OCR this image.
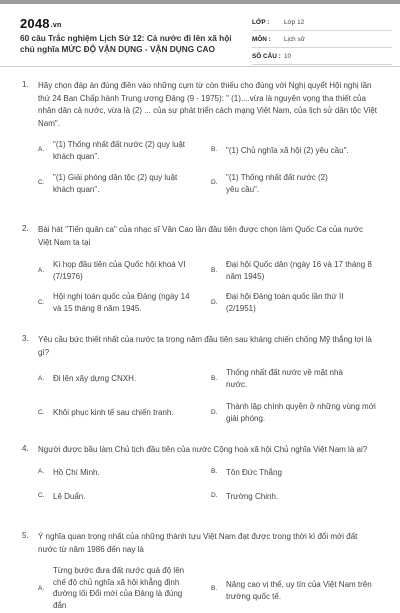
2048.vn
60 câu Trắc nghiệm Lịch Sử 12: Cả nước đi lên xã hội chủ nghĩa MỨC ĐỘ VẬN DỤNG - VẬN DỤNG CAO
LỚP : Lớp 12
MÔN : Lịch sử
SỐ CÂU : 10
1. Hãy chọn đáp án đúng điền vào những cụm từ còn thiếu cho đúng với Nghị quyết Hội nghị lần thứ 24 Ban Chấp hành Trung ương Đảng (9 - 1975): " (1)....vừa là nguyện vọng tha thiết của nhân dân cả nước, vừa là (2) ... của sự phát triển cách mạng Việt Nam, của lịch sử dân tộc Việt Nam".
A.
"(1) Thống nhất đất nước (2) quy luật khách quan".
B. "(1) Chủ nghĩa xã hội (2) yêu cầu".
C.
"(1) Giải phóng dân tộc (2) quy luật khách quan".
D.
"(1) Thống nhất đất nước (2) yêu cầu".
2. Bài hát "Tiến quân ca" của nhạc sĩ Văn Cao lần đầu tiên được chọn làm Quốc Ca của nước Việt Nam ta tại
A.
Kì họp đầu tiên của Quốc hội khoá VI (7/1976)
B.
Đại hội Quốc dân (ngày 16 và 17 tháng 8 năm 1945)
C.
Hội nghị toàn quốc của Đảng (ngày 14 và 15 tháng 8 năm 1945.
D.
Đại hội Đảng toàn quốc lần thứ II (2/1951)
3. Yêu cầu bức thiết nhất của nước ta trong năm đầu tiên sau kháng chiến chống Mỹ thắng lợi là gì?
A. Đi lên xây dựng CNXH.	B.
Thống nhất đất nước về mặt nhà nước.
C. Khôi phục kinh tế sau chiến tranh.	D.
Thành lập chính quyền ở những vùng mới giải phóng.
4. Người được bầu làm Chủ tịch đầu tiên của nước Cộng hoà xã hội Chủ nghĩa Việt Nam là ai?
A. Hồ Chí Minh.	B. Tôn Đức Thắng
C. Lê Duẩn.	D. Trường Chinh.
5. Ý nghĩa quan trọng nhất của những thành tựu Việt Nam đạt được trong thời kì đổi mới đất nước từ năm 1986 đến nay là
A.
Từng bước đưa đất nước quá độ lên chế độ chủ nghĩa xã hội khẳng định đường lối Đổi mới của Đảng là đúng đắn
B. Nâng cao vị thế, uy tín của Việt Nam trên trường quốc tế.
